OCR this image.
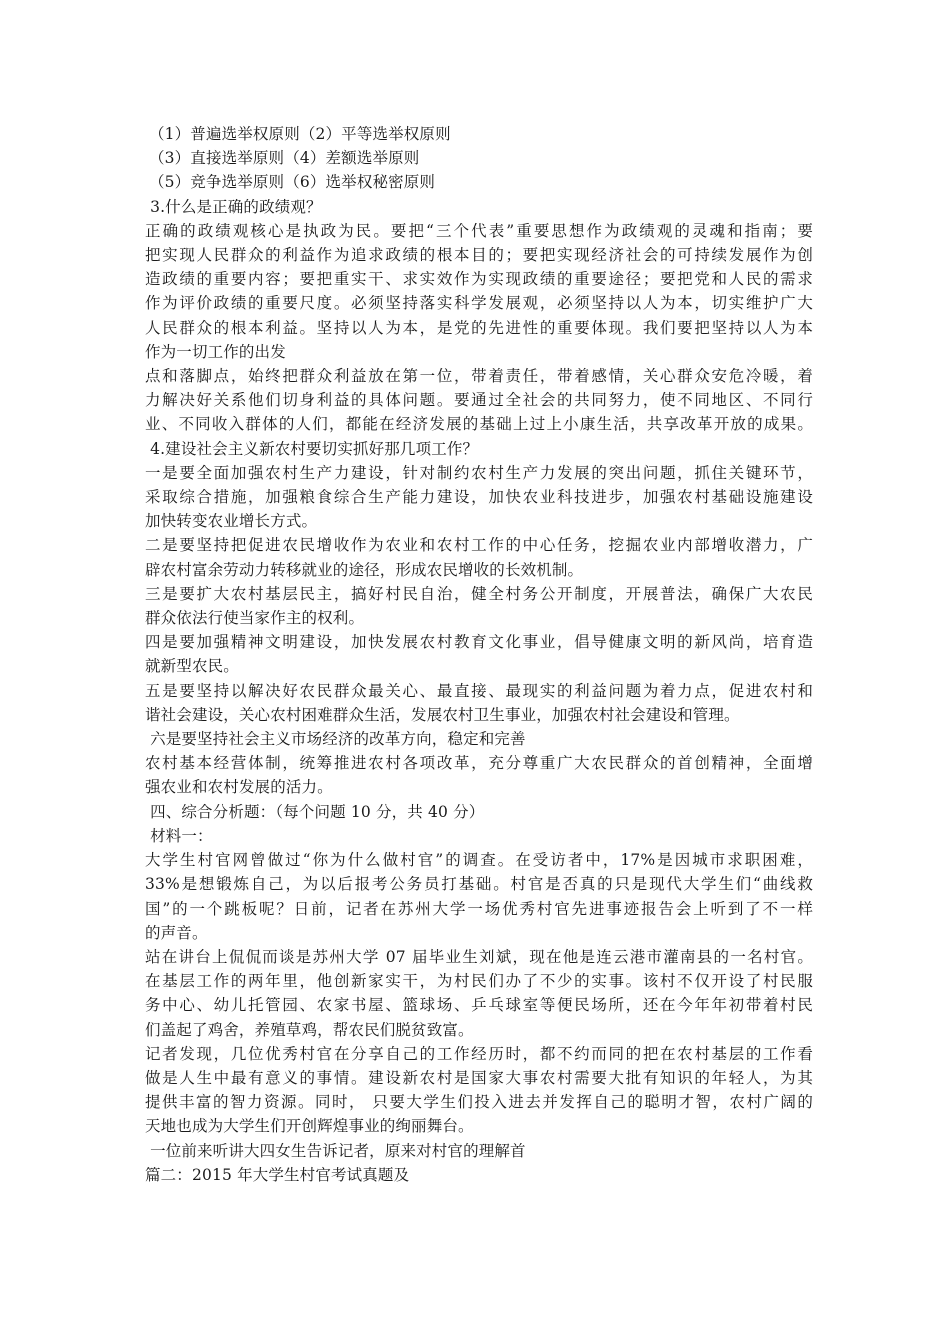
（1）普遍选举权原则（2）平等选举权原则
（3）直接选举原则（4）差额选举原则
（5）竞争选举原则（6）选举权秘密原则
3.什么是正确的政绩观？
正确的政绩观核心是执政为民。要把“三个代表”重要思想作为政绩观的灵魂和指南；要
把实现人民群众的利益作为追求政绩的根本目的；要把实现经济社会的可持续发展作为创
造政绩的重要内容；要把重实干、求实效作为实现政绩的重要途径；要把党和人民的需求
作为评价政绩的重要尺度。必须坚持落实科学发展观，必须坚持以人为本，切实维护广大
人民群众的根本利益。坚持以人为本，是党的先进性的重要体现。我们要把坚持以人为本
作为一切工作的出发
点和落脚点，始终把群众利益放在第一位，带着责任，带着感情，关心群众安危冷暖，着
力解决好关系他们切身利益的具体问题。要通过全社会的共同努力，使不同地区、不同行
业、不同收入群体的人们，都能在经济发展的基础上过上小康生活，共享改革开放的成果。
4.建设社会主义新农村要切实抓好那几项工作？
一是要全面加强农村生产力建设，针对制约农村生产力发展的突出问题，抓住关键环节，
采取综合措施，加强粮食综合生产能力建设，加快农业科技进步，加强农村基础设施建设
加快转变农业增长方式。
二是要坚持把促进农民增收作为农业和农村工作的中心任务，挖掘农业内部增收潜力，广
辟农村富余劳动力转移就业的途径，形成农民增收的长效机制。
三是要扩大农村基层民主，搞好村民自治，健全村务公开制度，开展普法，确保广大农民
群众依法行使当家作主的权利。
四是要加强精神文明建设，加快发展农村教育文化事业，倡导健康文明的新风尚，培育造
就新型农民。
五是要坚持以解决好农民群众最关心、最直接、最现实的利益问题为着力点，促进农村和
谐社会建设，关心农村困难群众生活，发展农村卫生事业，加强农村社会建设和管理。
六是要坚持社会主义市场经济的改革方向，稳定和完善
农村基本经营体制，统筹推进农村各项改革，充分尊重广大农民群众的首创精神，全面增
强农业和农村发展的活力。
四、综合分析题：（每个问题 10 分，共 40 分）
材料一：
大学生村官网曾做过“你为什么做村官”的调查。在受访者中，17%是因城市求职困难，
33%是想锻炼自己，为以后报考公务员打基础。村官是否真的只是现代大学生们“曲线救
国”的一个跳板呢？日前，记者在苏州大学一场优秀村官先进事迹报告会上听到了不一样
的声音。
站在讲台上侃侃而谈是苏州大学 07 届毕业生刘斌，现在他是连云港市灌南县的一名村官。
在基层工作的两年里，他创新家实干，为村民们办了不少的实事。该村不仅开设了村民服
务中心、幼儿托管园、农家书屋、篮球场、乒乓球室等便民场所，还在今年年初带着村民
们盖起了鸡舍，养殖草鸡，帮农民们脱贫致富。
记者发现，几位优秀村官在分享自己的工作经历时，都不约而同的把在农村基层的工作看
做是人生中最有意义的事情。建设新农村是国家大事农村需要大批有知识的年轻人，为其
提供丰富的智力资源。同时， 只要大学生们投入进去并发挥自己的聪明才智，农村广阔的
天地也成为大学生们开创辉煌事业的绚丽舞台。
一位前来听讲大四女生告诉记者，原来对村官的理解首
篇二：2015 年大学生村官考试真题及
